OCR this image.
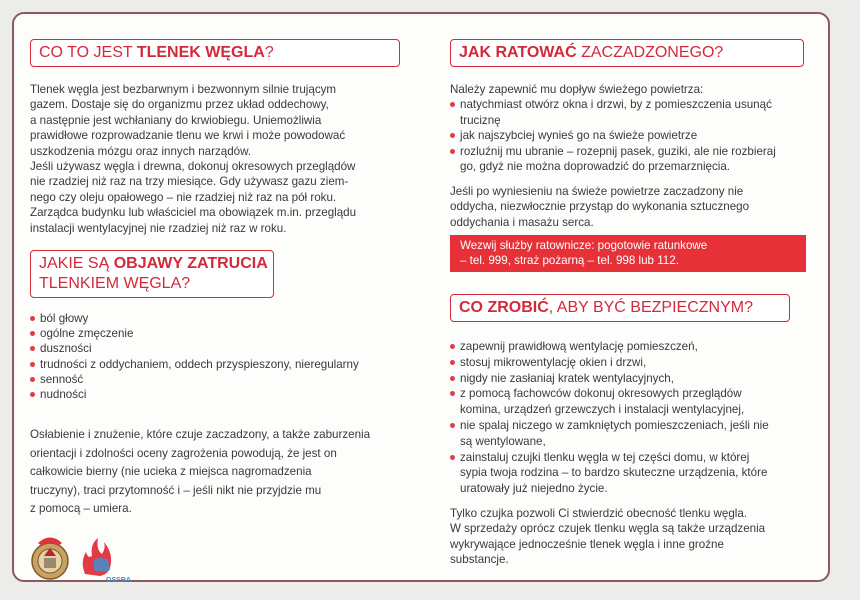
CO TO JEST TLENEK WĘGLA?

Tlenek węgla jest bezbarwnym i bezwonnym silnie trującym
gazem. Dostaje się do organizmu przez układ oddechowy,
a następnie jest wchłaniany do krwiobiegu. Uniemożliwia
prawidłowe rozprowadzanie tlenu we krwi i może powodować
uszkodzenia mózgu oraz innych narządów.
Jeśli używasz węgla i drewna, dokonuj okresowych przeglądów
nie rzadziej niż raz na trzy miesiące. Gdy używasz gazu ziem-
nego czy oleju opałowego – nie rzadziej niż raz na pół roku.
Zarządca budynku lub właściciel ma obowiązek m.in. przeglądu
instalacji wentylacyjnej nie rzadziej niż raz w roku.

JAKIE SĄ OBJAWY ZATRUCIA
TLENKIEM WĘGLA?
ból głowy
ogólne zmęczenie
duszności
trudności z oddychaniem, oddech przyspieszony, nieregularny
senność
nudności

Osłabienie i znużenie, które czuje zaczadzony, a także zaburzenia
orientacji i zdolności oceny zagrożenia powodują, że jest on
całkowicie bierny (nie ucieka z miejsca nagromadzenia
truczyny), traci przytomność i – jeśli nikt nie przyjdzie mu
z pomocą – umiera.

OSSRA
JAK RATOWAĆ ZACZADZONEGO?

Należy zapewnić mu dopływ świeżego powietrza:

natychmiast otwórz okna i drzwi, by z pomieszczenia usunąć
truciznę
jak najszybciej wynieś go na świeże powietrze
rozluźnij mu ubranie – rozepnij pasek, guziki, ale nie rozbieraj
go, gdyż nie można doprowadzić do przemarznięcia.

Jeśli po wyniesieniu na świeże powietrze zaczadzony nie
oddycha, niezwłocznie przystąp do wykonania sztucznego
oddychania i masażu serca.

Wezwij służby ratownicze: pogotowie ratunkowe
– tel. 999, straż pożarną – tel. 998 lub 112.
CO ZROBIĆ, ABY BYĆ BEZPIECZNYM?
zapewnij prawidłową wentylację pomieszczeń,
stosuj mikrowentylację okien i drzwi,
nigdy nie zasłaniaj kratek wentylacyjnych,
z pomocą fachowców dokonuj okresowych przeglądów
komina, urządzeń grzewczych i instalacji wentylacyjnej,
nie spalaj niczego w zamkniętych pomieszczeniach, jeśli nie
są wentylowane,
zainstaluj czujki tlenku węgla w tej części domu, w której
sypia twoja rodzina – to bardzo skuteczne urządzenia, które
uratowały już niejedno życie.

Tylko czujka pozwoli Ci stwierdzić obecność tlenku węgla.
W sprzedaży oprócz czujek tlenku węgla są także urządzenia
wykrywające jednocześnie tlenek węgla i inne groźne
substancje.
